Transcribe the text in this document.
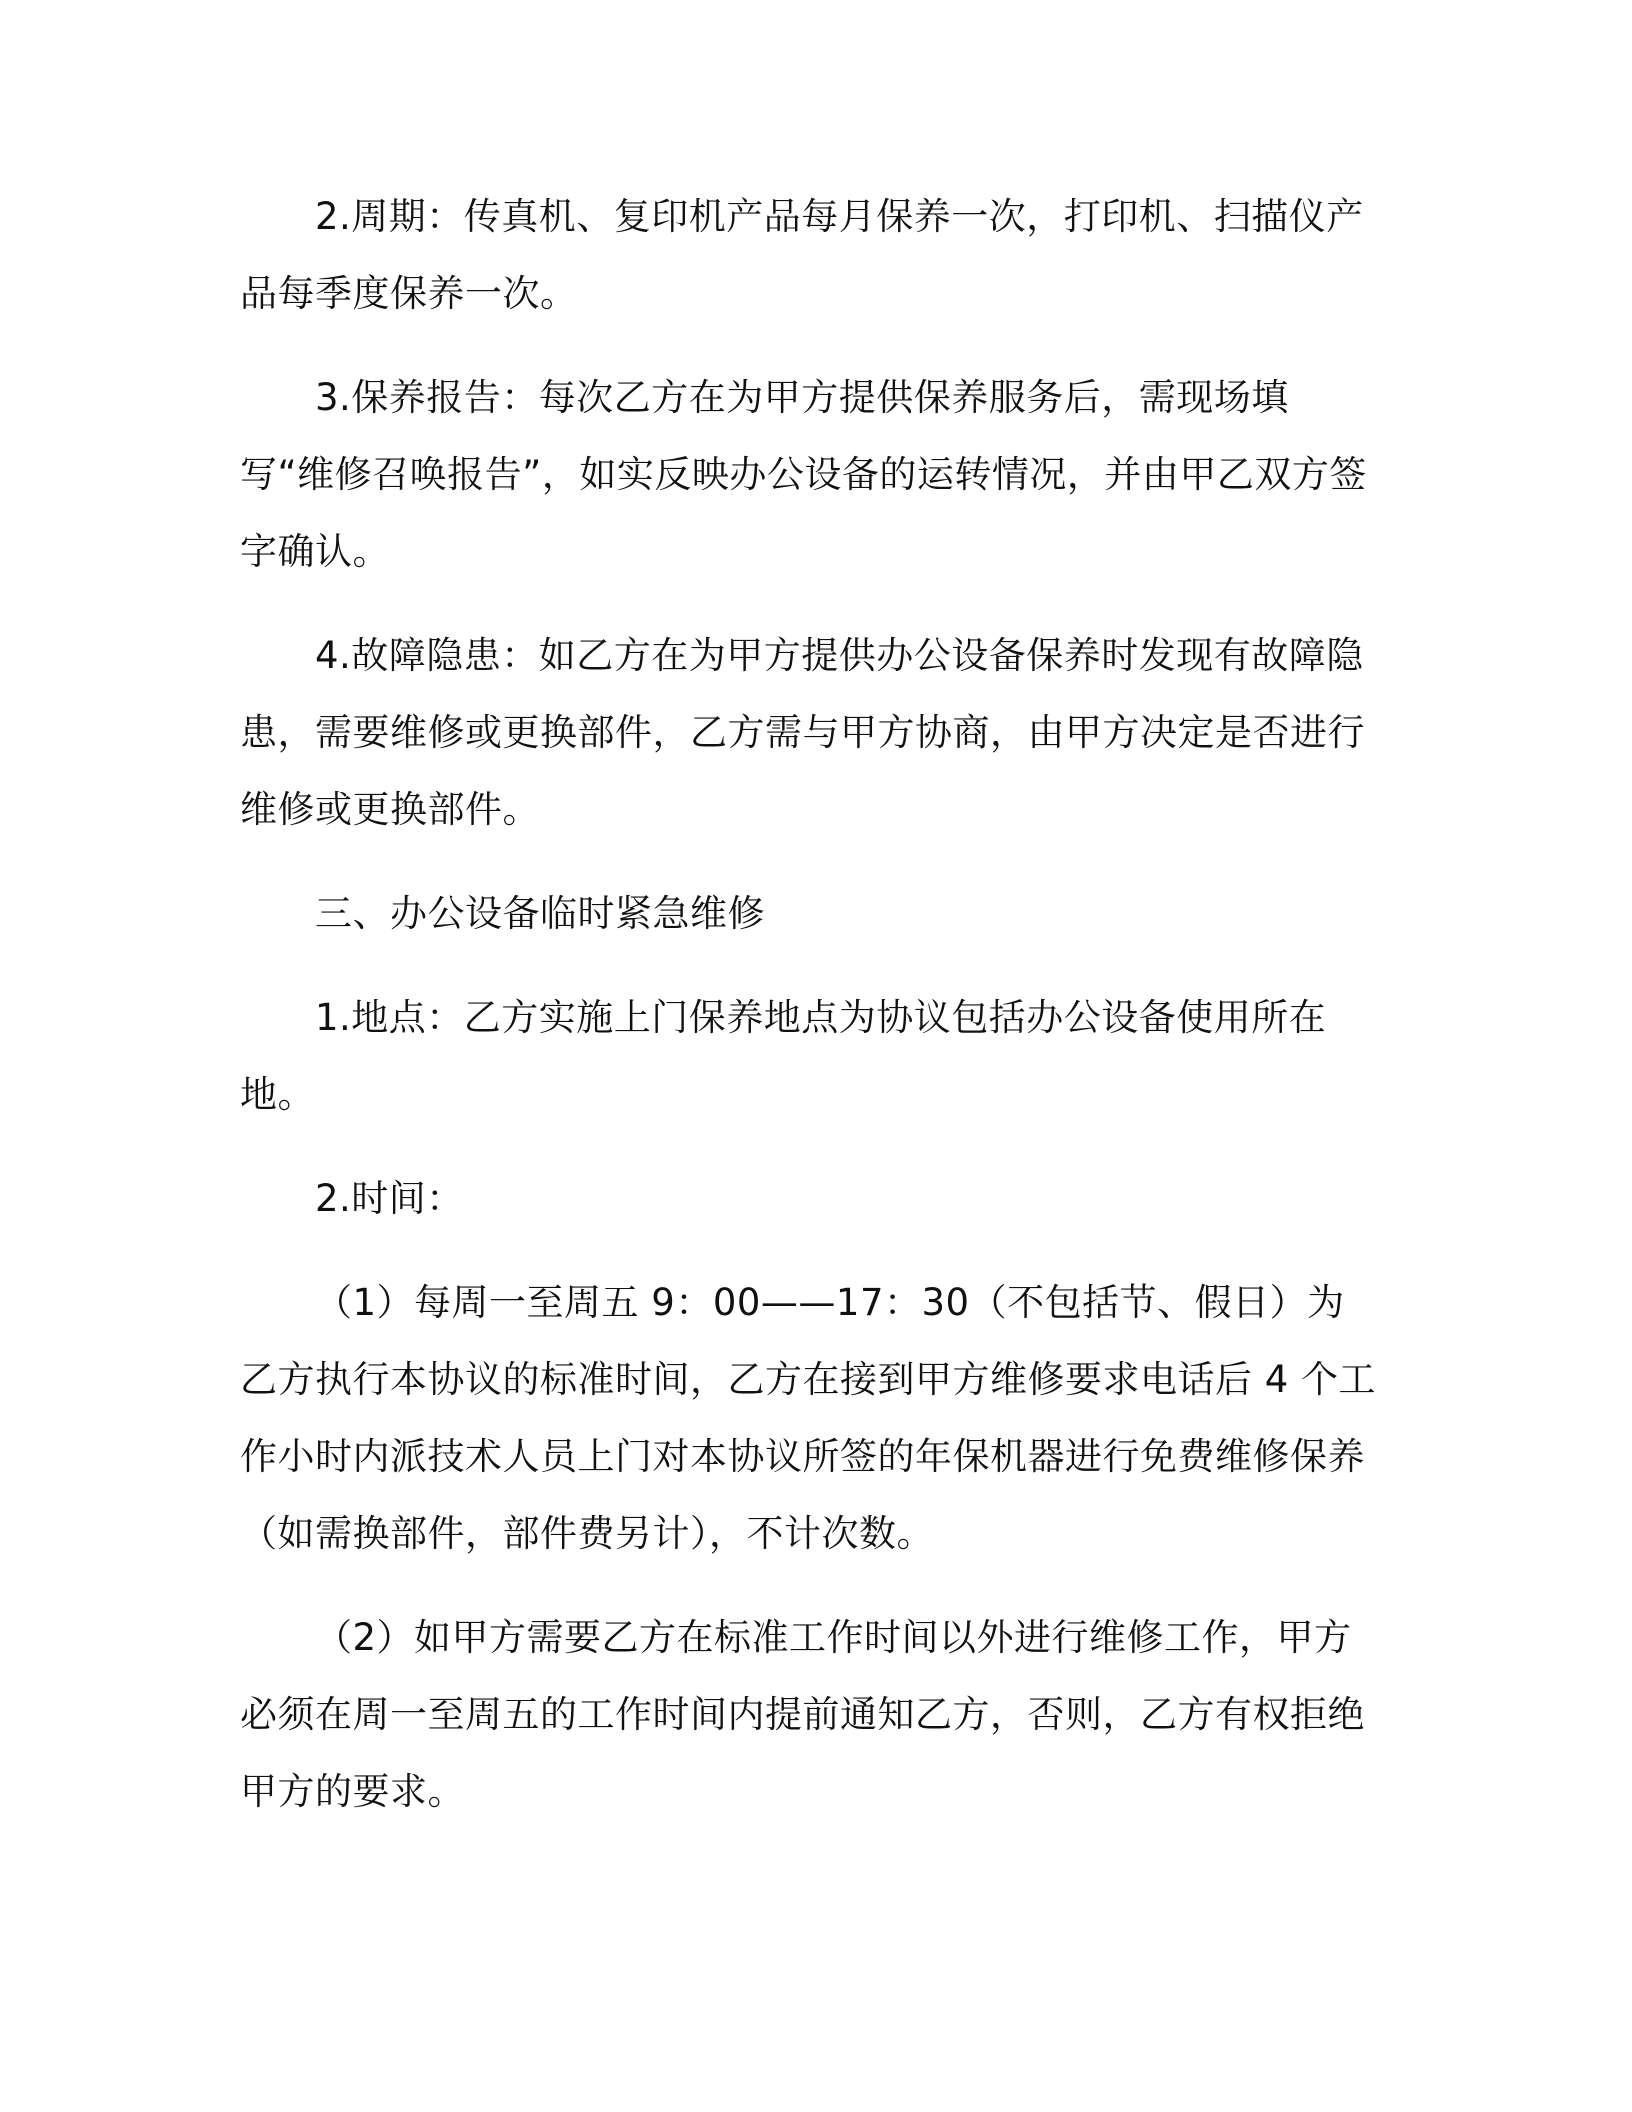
2.周期：传真机、复印机产品每月保养一次，打印机、扫描仪产品每季度保养一次。

3.保养报告：每次乙方在为甲方提供保养服务后，需现场填写“维修召唤报告”，如实反映办公设备的运转情况，并由甲乙双方签字确认。

4.故障隐患：如乙方在为甲方提供办公设备保养时发现有故障隐患，需要维修或更换部件，乙方需与甲方协商，由甲方决定是否进行维修或更换部件。

三、办公设备临时紧急维修

1.地点：乙方实施上门保养地点为协议包括办公设备使用所在地。

2.时间：

（1）每周一至周五 9：00——17：30（不包括节、假日）为乙方执行本协议的标准时间，乙方在接到甲方维修要求电话后 4 个工作小时内派技术人员上门对本协议所签的年保机器进行免费维修保养（如需换部件，部件费另计），不计次数。

（2）如甲方需要乙方在标准工作时间以外进行维修工作，甲方必须在周一至周五的工作时间内提前通知乙方，否则，乙方有权拒绝甲方的要求。
